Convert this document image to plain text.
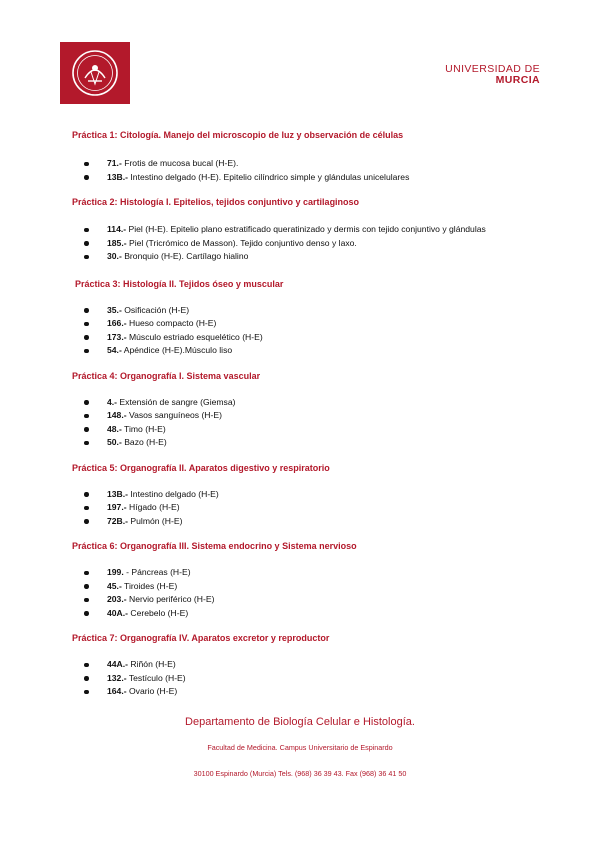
UNIVERSIDAD DE
MURCIA

Práctica 1: Citología. Manejo del microscopio de luz y observación de células

71.- Frotis de mucosa bucal (H-E).
13B.- Intestino delgado (H-E). Epitelio cilíndrico simple y glándulas unicelulares

Práctica 2: Histología I. Epitelios, tejidos conjuntivo y cartilaginoso

114.- Piel (H-E). Epitelio plano estratificado queratinizado y dermis con tejido conjuntivo y glándulas
185.- Piel (Tricrómico de Masson). Tejido conjuntivo denso y laxo.
30.- Bronquio (H-E). Cartílago hialino

Práctica 3: Histología II. Tejidos óseo y muscular

35.- Osificación (H-E)
166.- Hueso compacto (H-E)
173.- Músculo estriado esquelético (H-E)
54.- Apéndice (H-E).Músculo liso

Práctica 4: Organografía I. Sistema vascular

4.- Extensión de sangre (Giemsa)
148.- Vasos sanguíneos (H-E)
48.- Timo (H-E)
50.- Bazo (H-E)

Práctica 5: Organografía II. Aparatos digestivo y respiratorio

13B.- Intestino delgado (H-E)
197.- Hígado (H-E)
72B.- Pulmón (H-E)

Práctica 6: Organografía III. Sistema endocrino y Sistema nervioso

199. - Páncreas (H-E)
45.- Tiroides (H-E)
203.- Nervio periférico (H-E)
40A.- Cerebelo (H-E)

Práctica 7: Organografía IV. Aparatos excretor y reproductor

44A.- Riñón (H-E)
132.- Testículo (H-E)
164.- Ovario (H-E)
Departamento de Biología Celular e Histología.
Facultad de Medicina. Campus Universitario de Espinardo
30100 Espinardo (Murcia) Tels. (968) 36 39 43. Fax (968) 36 41 50
